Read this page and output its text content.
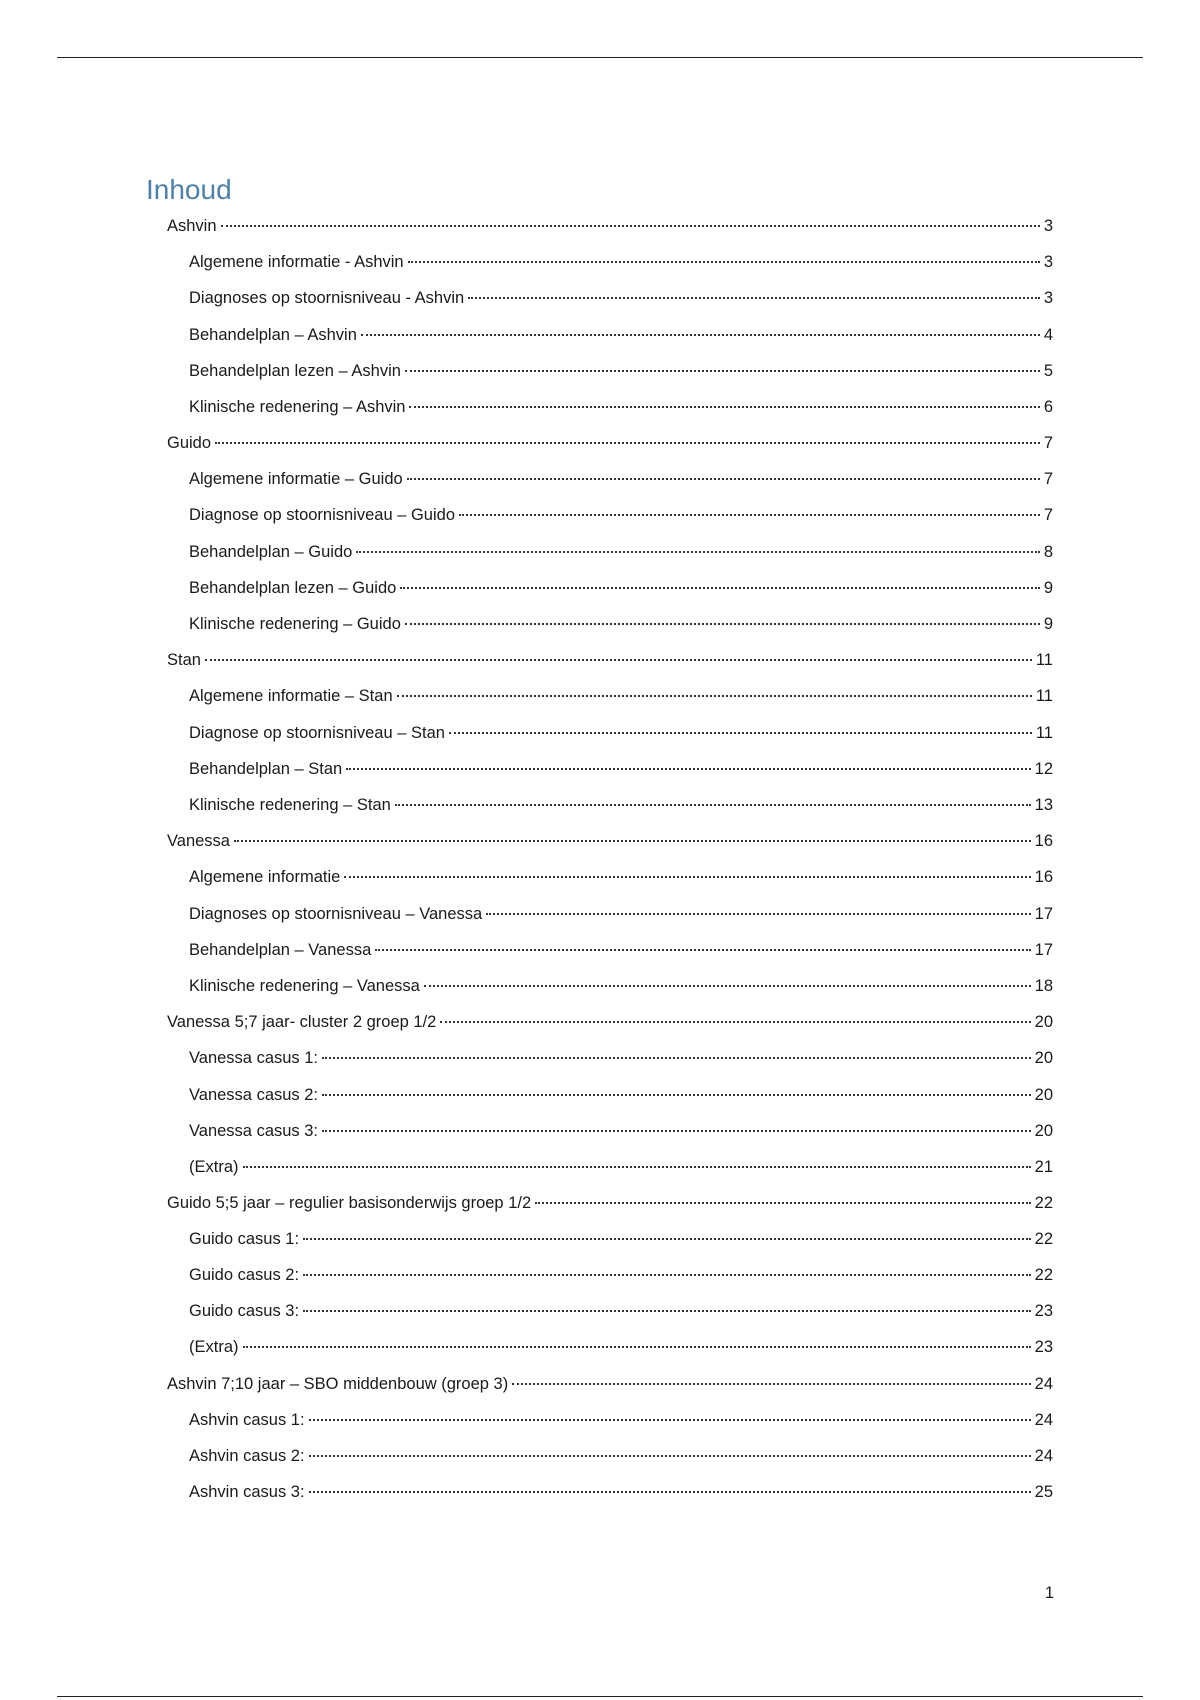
Inhoud
Ashvin	3
Algemene informatie - Ashvin	3
Diagnoses op stoornisniveau - Ashvin	3
Behandelplan – Ashvin	4
Behandelplan lezen – Ashvin	5
Klinische redenering – Ashvin	6
Guido	7
Algemene informatie – Guido	7
Diagnose op stoornisniveau – Guido	7
Behandelplan – Guido	8
Behandelplan lezen – Guido	9
Klinische redenering – Guido	9
Stan	11
Algemene informatie – Stan	11
Diagnose op stoornisniveau – Stan	11
Behandelplan – Stan	12
Klinische redenering – Stan	13
Vanessa	16
Algemene informatie	16
Diagnoses op stoornisniveau – Vanessa	17
Behandelplan – Vanessa	17
Klinische redenering – Vanessa	18
Vanessa 5;7 jaar- cluster 2 groep 1/2	20
Vanessa casus 1:	20
Vanessa casus 2:	20
Vanessa casus 3:	20
(Extra)	21
Guido 5;5 jaar – regulier basisonderwijs groep 1/2	22
Guido casus 1:	22
Guido casus 2:	22
Guido casus 3:	23
(Extra)	23
Ashvin 7;10 jaar – SBO middenbouw (groep 3)	24
Ashvin casus 1:	24
Ashvin casus 2:	24
Ashvin casus 3:	25
1
